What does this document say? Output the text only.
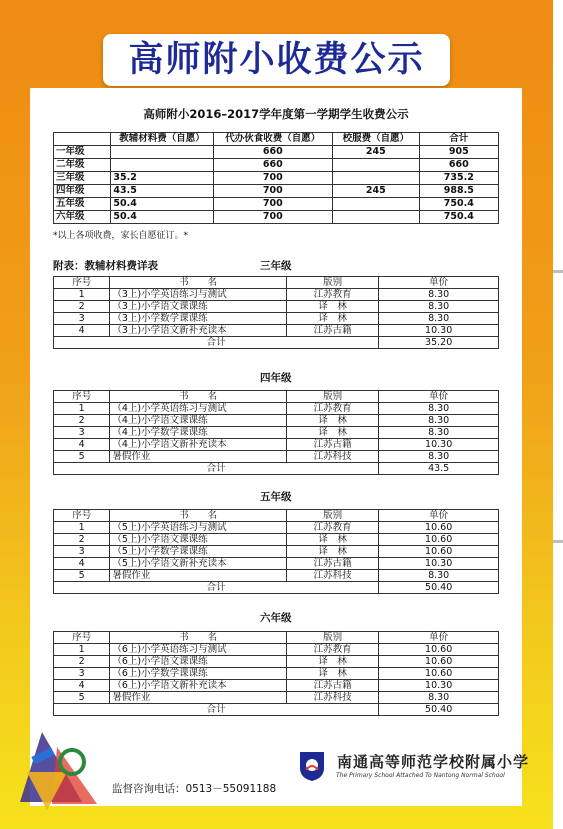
高师附小收费公示
高师附小2016–2017学年度第一学期学生收费公示
	教辅材料费（自愿）	代办伙食收费（自愿）	校服费（自愿）	合计
一年级		660	245	905
二年级		660		660
三年级	35.2	700		735.2
四年级	43.5	700	245	988.5
五年级	50.4	700		750.4
六年级	50.4	700		750.4
*以上各项收费，家长自愿征订。*
附表：教辅材料费详表	三年级
序号	书　　名	版别	单价
1	（3上)小学英语练习与测试	江苏教育	8.30
2	（3上)小学语文课课练	译　林	8.30
3	（3上)小学数学课课练	译　林	8.30
4	（3上)小学语文新补充读本	江苏古籍	10.30
合计			35.20
四年级
序号	书　　名	版别	单价
1	（4上)小学英语练习与测试	江苏教育	8.30
2	（4上)小学语文课课练	译　林	8.30
3	（4上)小学数学课课练	译　林	8.30
4	（4上)小学语文新补充读本	江苏古籍	10.30
5	暑假作业	江苏科技	8.30
合计			43.5
五年级
序号	书　　名	版别	单价
1	（5上)小学英语练习与测试	江苏教育	10.60
2	（5上)小学语文课课练	译　林	10.60
3	（5上)小学数学课课练	译　林	10.60
4	（5上)小学语文新补充读本	江苏古籍	10.30
5	暑假作业	江苏科技	8.30
合计			50.40
六年级
序号	书　　名	版别	单价
1	（6上)小学英语练习与测试	江苏教育	10.60
2	（6上)小学语文课课练	译　林	10.60
3	（6上)小学数学课课练	译　林	10.60
4	（6上)小学语文新补充读本	江苏古籍	10.30
5	暑假作业	江苏科技	8.30
合计			50.40
监督咨询电话：0513－55091188
南通高等师范学校附属小学
The Primary School Attached To Nantong Normal School
